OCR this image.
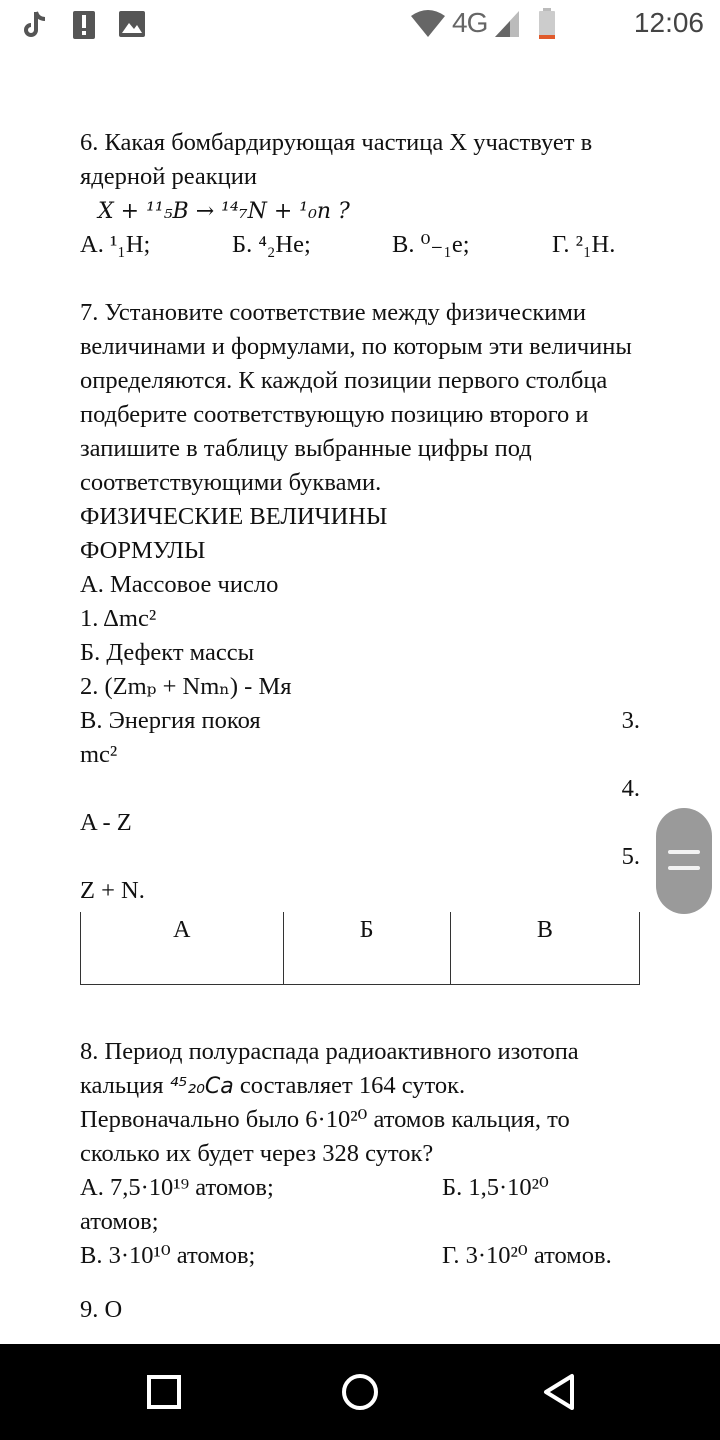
4G	12:06

6. Какая бомбардирующая частица X участвует в ядерной реакции

X + ¹¹₅B → ¹⁴₇N + ¹₀n ?
А. ¹₁H;	Б. ⁴₂He;	В. ⁰₋₁e;	Г. ²₁H.

7. Установите соответствие между физическими величинами и формулами, по которым эти величины определяются. К каждой позиции первого столбца подберите соответствующую позицию второго и запишите в таблицу выбранные цифры под соответствующими буквами.

ФИЗИЧЕСКИЕ ВЕЛИЧИНЫ
ФОРМУЛЫ
А. Массовое число
1. Δmc²
Б. Дефект массы
2. (Zmₚ + Nmₙ) - Mя
В. Энергия покоя	3.
mc²
4.
A - Z
5.
Z + N.
А	Б	В

8. Период полураспада радиоактивного изотопа
кальция ⁴⁵₂₀Ca составляет 164 суток.
Первоначально было 6·10²⁰ атомов кальция, то
сколько их будет через 328 суток?
А. 7,5·10¹⁹ атомов;	Б. 1,5·10²⁰
атомов;
В. 3·10¹⁰ атомов;	Г. 3·10²⁰ атомов.
9. О
